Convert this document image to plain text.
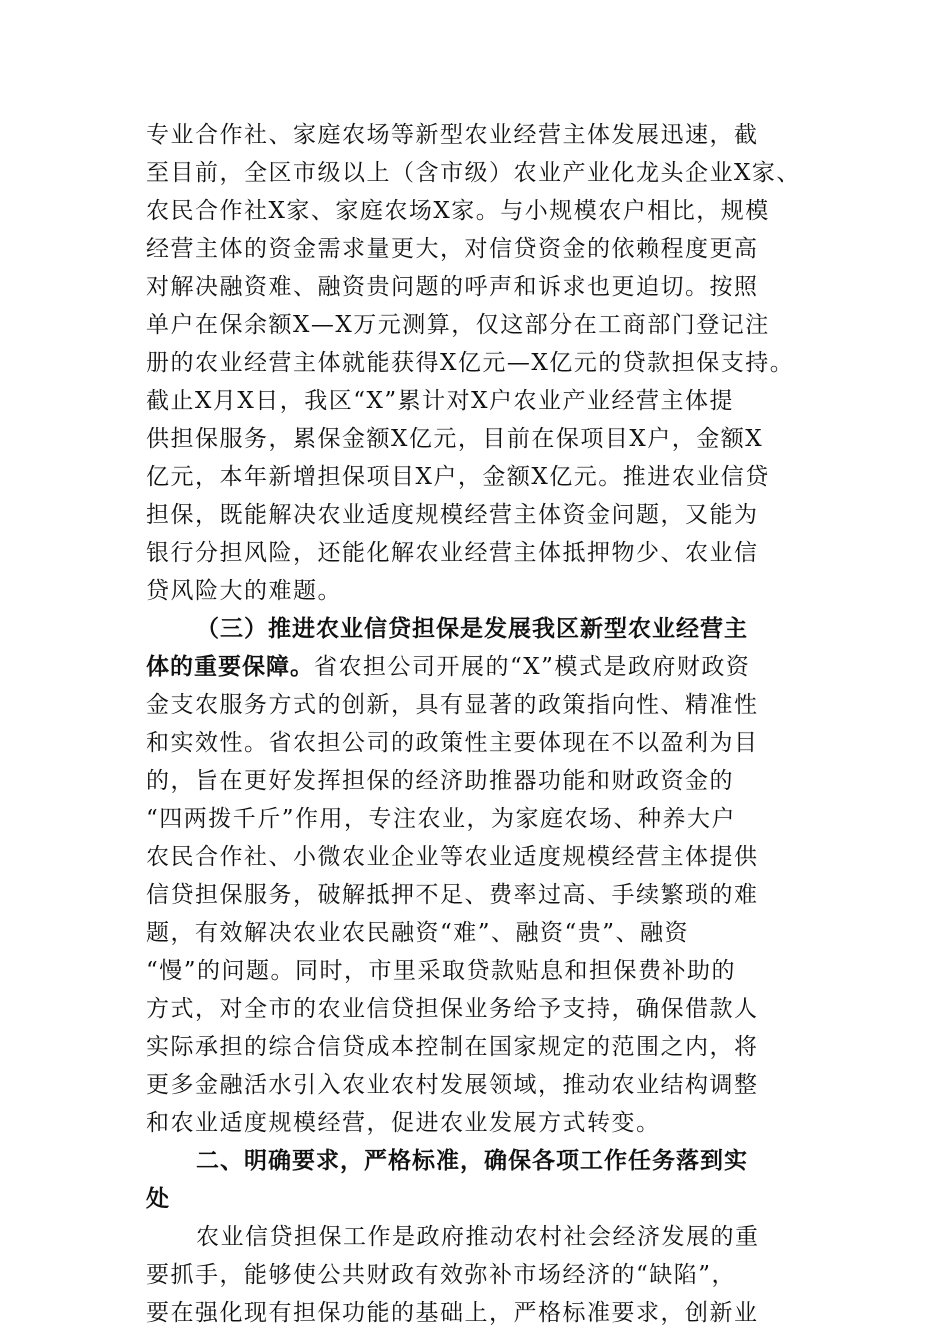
专业合作社、家庭农场等新型农业经营主体发展迅速，截
至目前，全区市级以上（含市级）农业产业化龙头企业X家、
农民合作社X家、家庭农场X家。与小规模农户相比，规模
经营主体的资金需求量更大，对信贷资金的依赖程度更高
对解决融资难、融资贵问题的呼声和诉求也更迫切。按照
单户在保余额X—X万元测算，仅这部分在工商部门登记注
册的农业经营主体就能获得X亿元—X亿元的贷款担保支持。
截止X月X日，我区“X”累计对X户农业产业经营主体提
供担保服务，累保金额X亿元，目前在保项目X户，金额X
亿元，本年新增担保项目X户，金额X亿元。推进农业信贷
担保，既能解决农业适度规模经营主体资金问题，又能为
银行分担风险，还能化解农业经营主体抵押物少、农业信
贷风险大的难题。
（三）推进农业信贷担保是发展我区新型农业经营主
体的重要保障。省农担公司开展的“X”模式是政府财政资
金支农服务方式的创新，具有显著的政策指向性、精准性
和实效性。省农担公司的政策性主要体现在不以盈利为目
的，旨在更好发挥担保的经济助推器功能和财政资金的
“四两拨千斤”作用，专注农业，为家庭农场、种养大户
农民合作社、小微农业企业等农业适度规模经营主体提供
信贷担保服务，破解抵押不足、费率过高、手续繁琐的难
题，有效解决农业农民融资“难”、融资“贵”、融资
“慢”的问题。同时，市里采取贷款贴息和担保费补助的
方式，对全市的农业信贷担保业务给予支持，确保借款人
实际承担的综合信贷成本控制在国家规定的范围之内，将
更多金融活水引入农业农村发展领域，推动农业结构调整
和农业适度规模经营，促进农业发展方式转变。
二、明确要求，严格标准，确保各项工作任务落到实
处
农业信贷担保工作是政府推动农村社会经济发展的重
要抓手，能够使公共财政有效弥补市场经济的“缺陷”，
要在强化现有担保功能的基础上，严格标准要求，创新业
